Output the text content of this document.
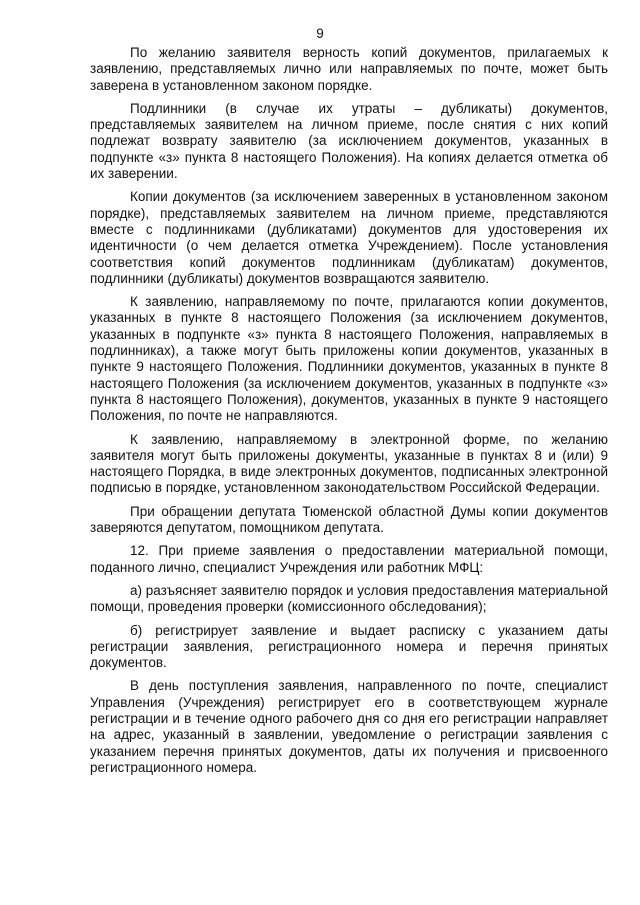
9

По желанию заявителя верность копий документов, прилагаемых к заявлению, представляемых лично или направляемых по почте, может быть заверена в установленном законом порядке.

Подлинники (в случае их утраты – дубликаты) документов, представляемых заявителем на личном приеме, после снятия с них копий подлежат возврату заявителю (за исключением документов, указанных в подпункте «з» пункта 8 настоящего Положения). На копиях делается отметка об их заверении.

Копии документов (за исключением заверенных в установленном законом порядке), представляемых заявителем на личном приеме, представляются вместе с подлинниками (дубликатами) документов для удостоверения их идентичности (о чем делается отметка Учреждением). После установления соответствия копий документов подлинникам (дубликатам) документов, подлинники (дубликаты) документов возвращаются заявителю.

К заявлению, направляемому по почте, прилагаются копии документов, указанных в пункте 8 настоящего Положения (за исключением документов, указанных в подпункте «з» пункта 8 настоящего Положения, направляемых в подлинниках), а также могут быть приложены копии документов, указанных в пункте 9 настоящего Положения. Подлинники документов, указанных в пункте 8 настоящего Положения (за исключением документов, указанных в подпункте «з» пункта 8 настоящего Положения), документов, указанных в пункте 9 настоящего Положения, по почте не направляются.

К заявлению, направляемому в электронной форме, по желанию заявителя могут быть приложены документы, указанные в пунктах 8 и (или) 9 настоящего Порядка, в виде электронных документов, подписанных электронной подписью в порядке, установленном законодательством Российской Федерации.

При обращении депутата Тюменской областной Думы копии документов заверяются депутатом, помощником депутата.

12. При приеме заявления о предоставлении материальной помощи, поданного лично, специалист Учреждения или работник МФЦ:

а) разъясняет заявителю порядок и условия предоставления материальной помощи, проведения проверки (комиссионного обследования);

б) регистрирует заявление и выдает расписку с указанием даты регистрации заявления, регистрационного номера и перечня принятых документов.

В день поступления заявления, направленного по почте, специалист Управления (Учреждения) регистрирует его в соответствующем журнале регистрации и в течение одного рабочего дня со дня его регистрации направляет на адрес, указанный в заявлении, уведомление о регистрации заявления с указанием перечня принятых документов, даты их получения и присвоенного регистрационного номера.
